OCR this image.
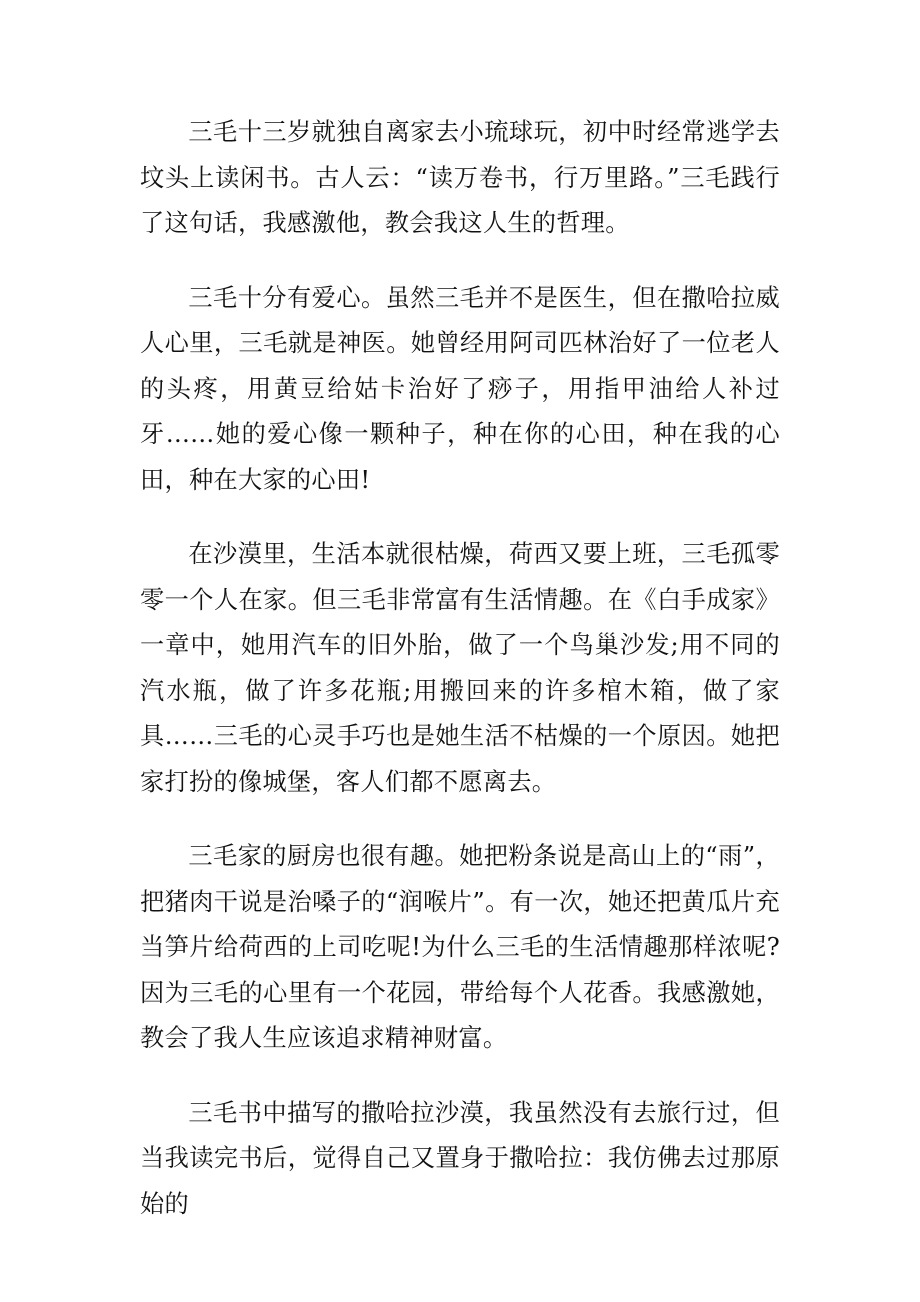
三毛十三岁就独自离家去小琉球玩，初中时经常逃学去坟头上读闲书。古人云：“读万卷书，行万里路。”三毛践行了这句话，我感激他，教会我这人生的哲理。

三毛十分有爱心。虽然三毛并不是医生，但在撒哈拉威人心里，三毛就是神医。她曾经用阿司匹林治好了一位老人的头疼，用黄豆给姑卡治好了痧子，用指甲油给人补过牙……她的爱心像一颗种子，种在你的心田，种在我的心田，种在大家的心田!

在沙漠里，生活本就很枯燥，荷西又要上班，三毛孤零零一个人在家。但三毛非常富有生活情趣。在《白手成家》一章中，她用汽车的旧外胎，做了一个鸟巢沙发;用不同的汽水瓶，做了许多花瓶;用搬回来的许多棺木箱，做了家具……三毛的心灵手巧也是她生活不枯燥的一个原因。她把家打扮的像城堡，客人们都不愿离去。

三毛家的厨房也很有趣。她把粉条说是高山上的“雨”，把猪肉干说是治嗓子的“润喉片”。有一次，她还把黄瓜片充当笋片给荷西的上司吃呢!为什么三毛的生活情趣那样浓呢?因为三毛的心里有一个花园，带给每个人花香。我感激她，教会了我人生应该追求精神财富。

三毛书中描写的撒哈拉沙漠，我虽然没有去旅行过，但当我读完书后，觉得自己又置身于撒哈拉：我仿佛去过那原始的
